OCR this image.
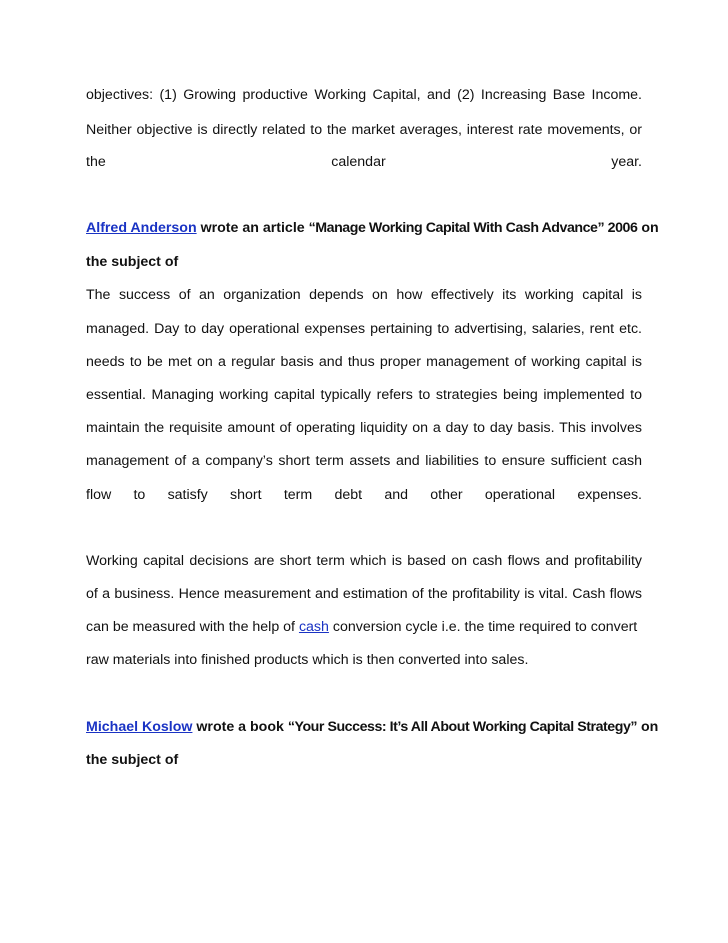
objectives: (1) Growing productive Working Capital, and (2) Increasing Base Income.
Neither objective is directly related to the market averages, interest rate movements, or
the calendar year.
Alfred Anderson wrote an article “Manage Working Capital With Cash Advance” 2006 on
the subject of
The success of an organization depends on how effectively its working capital is
managed. Day to day operational expenses pertaining to advertising, salaries, rent etc.
needs to be met on a regular basis and thus proper management of working capital is
essential. Managing working capital typically refers to strategies being implemented to
maintain the requisite amount of operating liquidity on a day to day basis. This involves
management of a company’s short term assets and liabilities to ensure sufficient cash
flow to satisfy short term debt and other operational expenses.
Working capital decisions are short term which is based on cash flows and profitability
of a business. Hence measurement and estimation of the profitability is vital. Cash flows
can be measured with the help of cash conversion cycle i.e. the time required to convert
raw materials into finished products which is then converted into sales.
Michael Koslow wrote a book “Your Success: It’s All About Working Capital Strategy” on
the subject of
